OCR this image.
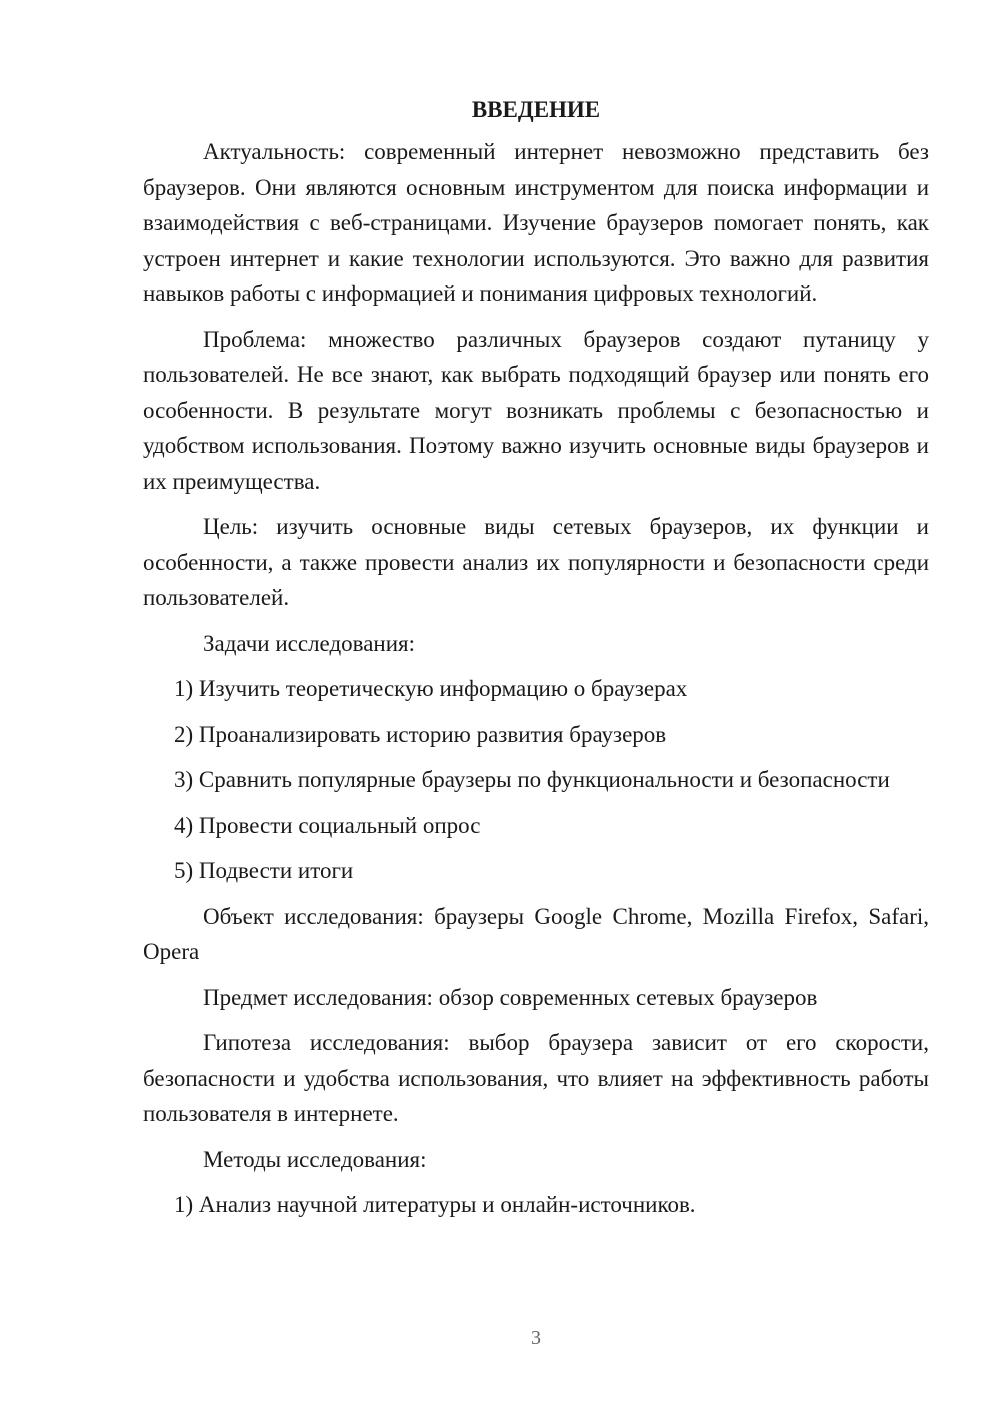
ВВЕДЕНИЕ

Актуальность: современный интернет невозможно представить без браузеров. Они являются основным инструментом для поиска информации и взаимодействия с веб-страницами. Изучение браузеров помогает понять, как устроен интернет и какие технологии используются. Это важно для развития навыков работы с информацией и понимания цифровых технологий.

Проблема: множество различных браузеров создают путаницу у пользователей. Не все знают, как выбрать подходящий браузер или понять его особенности. В результате могут возникать проблемы с безопасностью и удобством использования. Поэтому важно изучить основные виды браузеров и их преимущества.

Цель: изучить основные виды сетевых браузеров, их функции и особенности, а также провести анализ их популярности и безопасности среди пользователей.

Задачи исследования:

1) Изучить теоретическую информацию о браузерах

2) Проанализировать историю развития браузеров

3) Сравнить популярные браузеры по функциональности и безопасности

4) Провести социальный опрос

5) Подвести итоги

Объект исследования: браузеры Google Chrome, Mozilla Firefox, Safari, Opera

Предмет исследования: обзор современных сетевых браузеров

Гипотеза исследования: выбор браузера зависит от его скорости, безопасности и удобства использования, что влияет на эффективность работы пользователя в интернете.

Методы исследования:

1) Анализ научной литературы и онлайн-источников.

3
